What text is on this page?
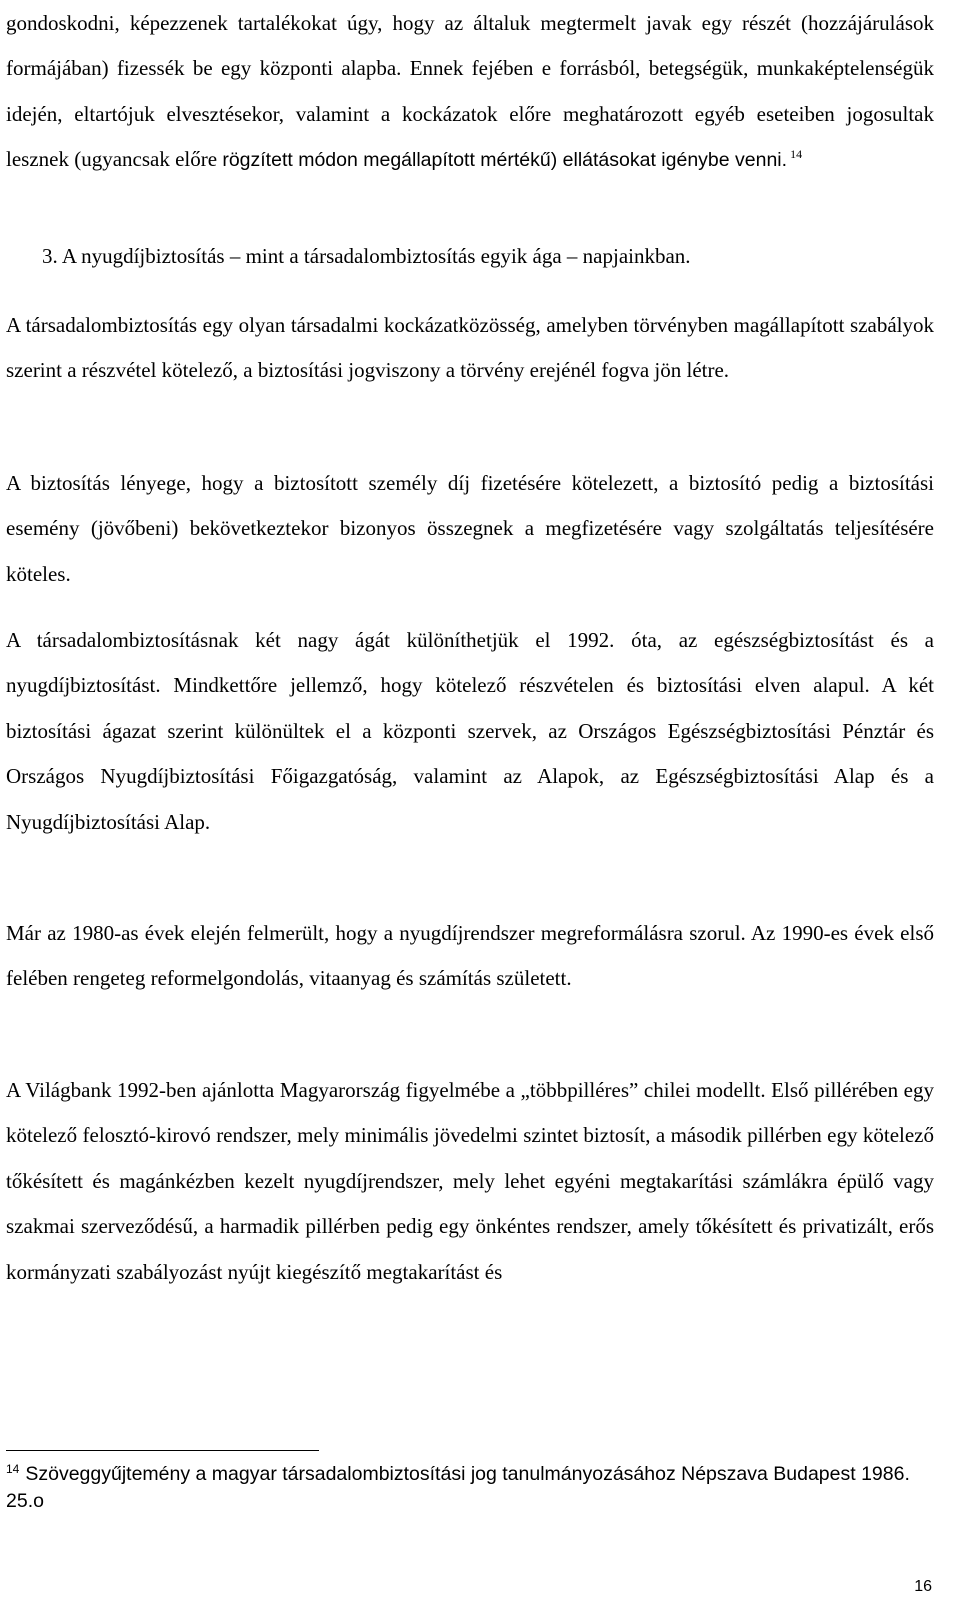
gondoskodni, képezzenek tartalékokat úgy, hogy az általuk megtermelt javak egy részét (hozzájárulások formájában) fizessék be egy központi alapba. Ennek fejében e forrásból, betegségük, munkaképtelenségük idején, eltartójuk elvesztésekor, valamint a kockázatok előre meghatározott egyéb eseteiben jogosultak lesznek (ugyancsak előre rögzített módon megállapított mértékű) ellátásokat igénybe venni. $^{14}$
3. A nyugdíjbiztosítás – mint a társadalombiztosítás egyik ága – napjainkban.
A társadalombiztosítás egy olyan társadalmi kockázatközösség, amelyben törvényben magállapított szabályok szerint a részvétel kötelező, a biztosítási jogviszony a törvény erejénél fogva jön létre.
A biztosítás lényege, hogy a biztosított személy díj fizetésére kötelezett, a biztosító pedig a biztosítási esemény (jövőbeni) bekövetkeztekor bizonyos összegnek a megfizetésére vagy szolgáltatás teljesítésére köteles.
A társadalombiztosításnak két nagy ágát különíthetjük el 1992. óta, az egészségbiztosítást és a nyugdíjbiztosítást. Mindkettőre jellemző, hogy kötelező részvételen és biztosítási elven alapul. A két biztosítási ágazat szerint különültek el a központi szervek, az Országos Egészségbiztosítási Pénztár és Országos Nyugdíjbiztosítási Főigazgatóság, valamint az Alapok, az Egészségbiztosítási Alap és a Nyugdíjbiztosítási Alap.
Már az 1980-as évek elején felmerült, hogy a nyugdíjrendszer megreformálásra szorul. Az 1990-es évek első felében rengeteg reformelgondolás, vitaanyag és számítás született.
A Világbank 1992-ben ajánlotta Magyarország figyelmébe a „többpilléres” chilei modellt. Első pillérében egy kötelező felosztó-kirovó rendszer, mely minimális jövedelmi szintet biztosít, a második pillérben egy kötelező tőkésített és magánkézben kezelt nyugdíjrendszer, mely lehet egyéni megtakarítási számlákra épülő vagy szakmai szerveződésű, a harmadik pillérben pedig egy önkéntes rendszer, amely tőkésített és privatizált, erős kormányzati szabályozást nyújt kiegészítő megtakarítást és
$^{14}$ Szöveggyűjtemény a magyar társadalombiztosítási jog tanulmányozásához Népszava Budapest 1986. 25.o
16
